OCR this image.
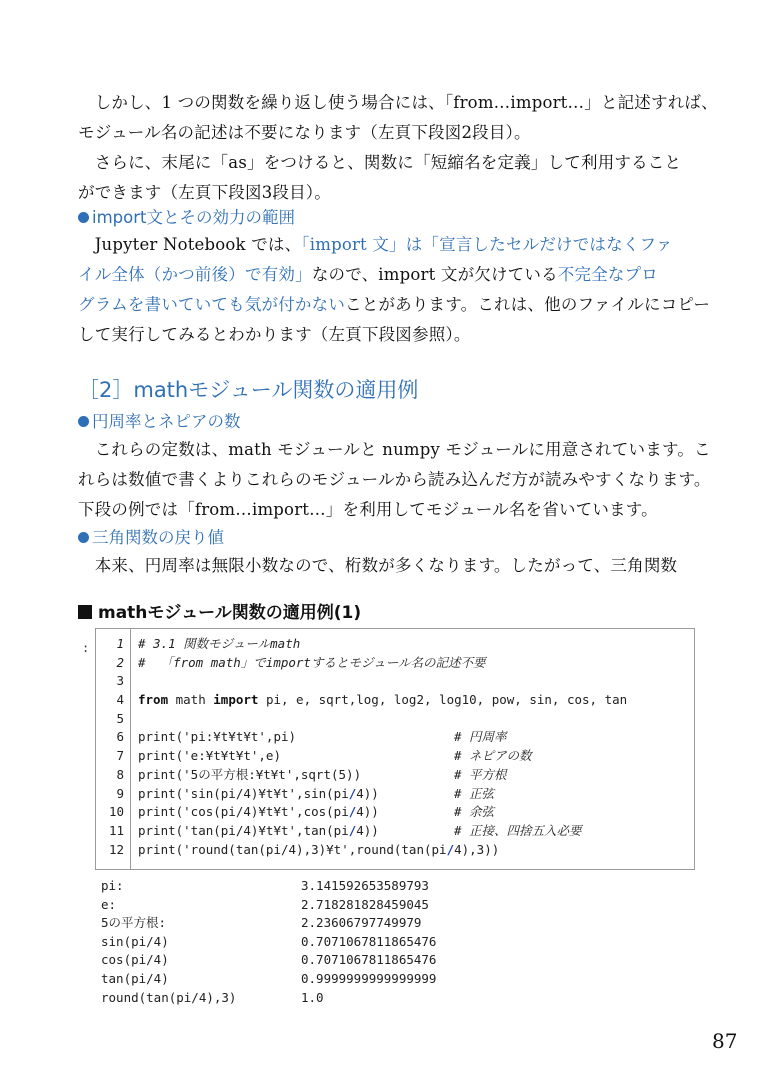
　しかし、1 つの関数を繰り返し使う場合には、「from…import…」と記述すれば、
モジュール名の記述は不要になります（左頁下段図2段目）。
　さらに、末尾に「as」をつけると、関数に「短縮名を定義」して利用すること
ができます（左頁下段図3段目）。
import文とその効力の範囲
　Jupyter Notebook では、「import 文」は「宣言したセルだけではなくファ
イル全体（かつ前後）で有効」なので、import 文が欠けている不完全なプロ
グラムを書いていても気が付かないことがあります。これは、他のファイルにコピー
して実行してみるとわかります（左頁下段図参照）。
［2］mathモジュール関数の適用例
円周率とネピアの数
　これらの定数は、math モジュールと numpy モジュールに用意されています。こ
れらは数値で書くよりこれらのモジュールから読み込んだ方が読みやすくなります。
下段の例では「from…import…」を利用してモジュール名を省いています。
三角関数の戻り値
　本来、円周率は無限小数なので、桁数が多くなります。したがって、三角関数
mathモジュール関数の適用例(1)
:	1 # 3.1 関数モジュールmath
2 #  「from math」でimportするとモジュール名の記述不要
3
4 from math import pi, e, sqrt,log, log2, log10, pow, sin, cos, tan
5
6 print('pi:¥t¥t¥t',pi)	# 円周率
7 print('e:¥t¥t¥t',e)	# ネピアの数
8 print('5の平方根:¥t¥t',sqrt(5))	# 平方根
9 print('sin(pi/4)¥t¥t',sin(pi/4))	# 正弦
10 print('cos(pi/4)¥t¥t',cos(pi/4))	# 余弦
11 print('tan(pi/4)¥t¥t',tan(pi/4))	# 正接、四捨五入必要
12 print('round(tan(pi/4),3)¥t',round(tan(pi/4),3))
pi:	3.141592653589793
e:	2.718281828459045
5の平方根:	2.23606797749979
sin(pi/4)	0.7071067811865476
cos(pi/4)	0.7071067811865476
tan(pi/4)	0.9999999999999999
round(tan(pi/4),3)	1.0
87
